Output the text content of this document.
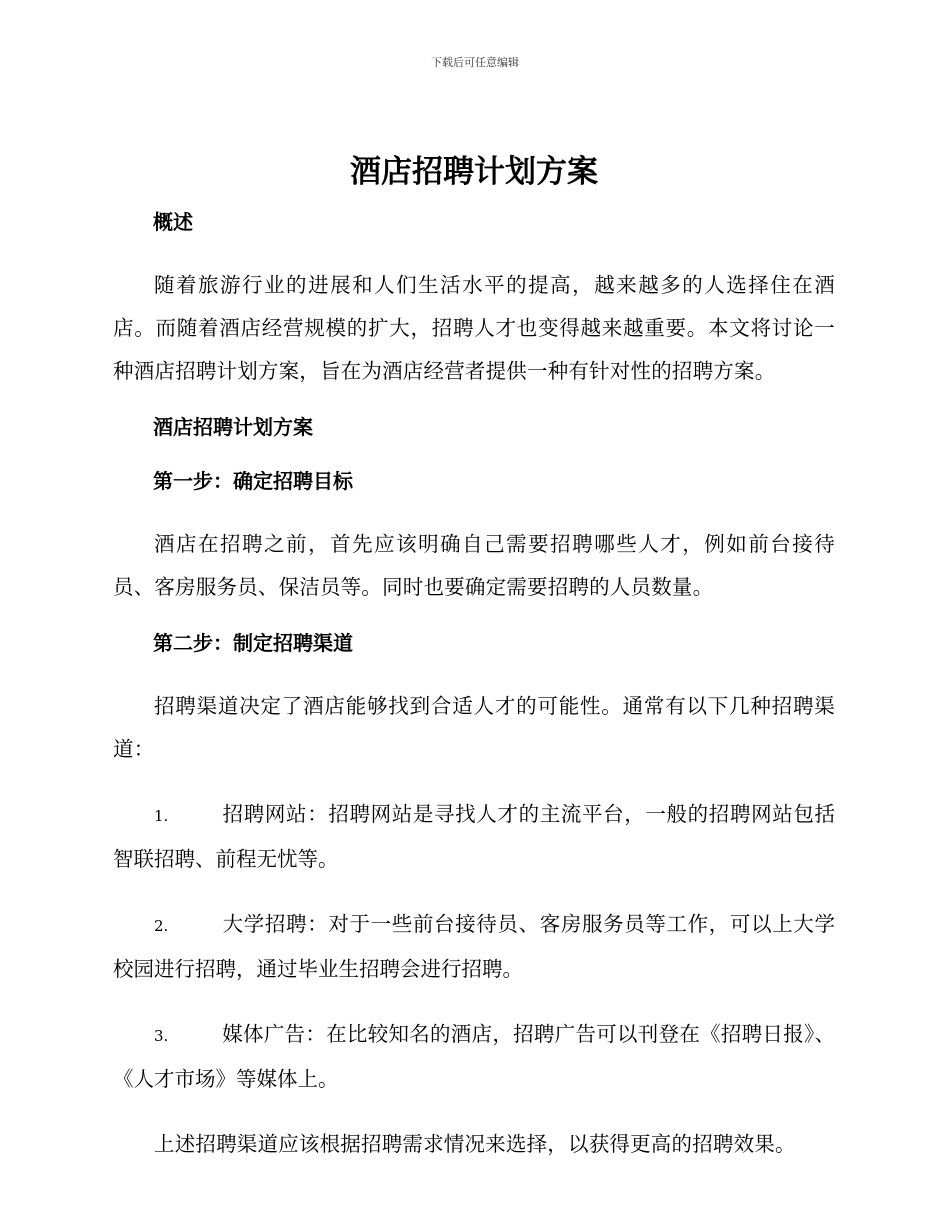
下载后可任意编辑
酒店招聘计划方案
概述
随着旅游行业的进展和人们生活水平的提高，越来越多的人选择住在酒店。而随着酒店经营规模的扩大，招聘人才也变得越来越重要。本文将讨论一种酒店招聘计划方案，旨在为酒店经营者提供一种有针对性的招聘方案。
酒店招聘计划方案
第一步：确定招聘目标
酒店在招聘之前，首先应该明确自己需要招聘哪些人才，例如前台接待员、客房服务员、保洁员等。同时也要确定需要招聘的人员数量。
第二步：制定招聘渠道
招聘渠道决定了酒店能够找到合适人才的可能性。通常有以下几种招聘渠道：
1.	招聘网站：招聘网站是寻找人才的主流平台，一般的招聘网站包括智联招聘、前程无忧等。
2.	大学招聘：对于一些前台接待员、客房服务员等工作，可以上大学校园进行招聘，通过毕业生招聘会进行招聘。
3.	媒体广告：在比较知名的酒店，招聘广告可以刊登在《招聘日报》、《人才市场》等媒体上。
上述招聘渠道应该根据招聘需求情况来选择，以获得更高的招聘效果。
